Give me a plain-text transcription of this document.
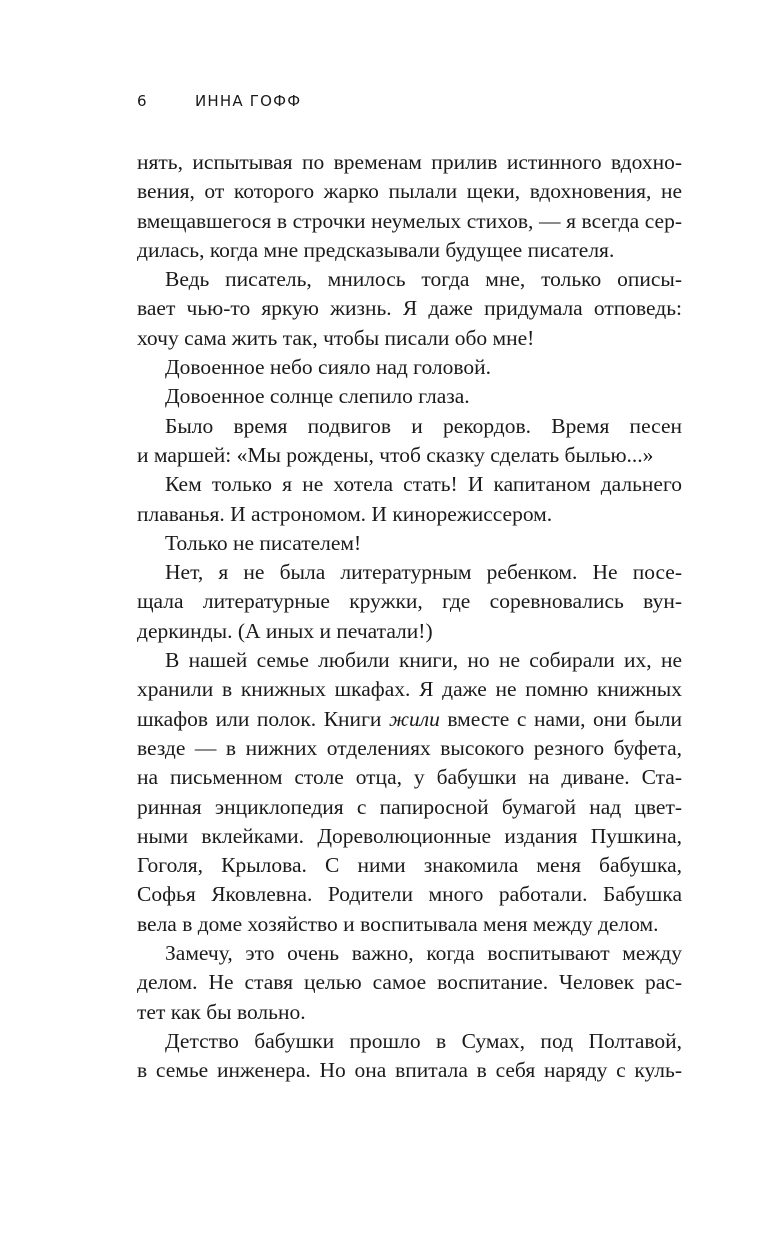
6	ИННА ГОФФ
нять, испытывая по временам прилив истинного вдохно-
вения, от которого жарко пылали щеки, вдохновения, не
вмещавшегося в строчки неумелых стихов, — я всегда сер-
дилась, когда мне предсказывали будущее писателя.
Ведь писатель, мнилось тогда мне, только описы-
вает чью-то яркую жизнь. Я даже придумала отповедь:
хочу сама жить так, чтобы писали обо мне!
Довоенное небо сияло над головой.
Довоенное солнце слепило глаза.
Было время подвигов и рекордов. Время песен
и маршей: «Мы рождены, чтоб сказку сделать былью...»
Кем только я не хотела стать! И капитаном дальнего
плаванья. И астрономом. И кинорежиссером.
Только не писателем!
Нет, я не была литературным ребенком. Не посе-
щала литературные кружки, где соревновались вун-
деркинды. (А иных и печатали!)
В нашей семье любили книги, но не собирали их, не
хранили в книжных шкафах. Я даже не помню книжных
шкафов или полок. Книги жили вместе с нами, они были
везде — в нижних отделениях высокого резного буфета,
на письменном столе отца, у бабушки на диване. Ста-
ринная энциклопедия с папиросной бумагой над цвет-
ными вклейками. Дореволюционные издания Пушкина,
Гоголя, Крылова. С ними знакомила меня бабушка,
Софья Яковлевна. Родители много работали. Бабушка
вела в доме хозяйство и воспитывала меня между делом.
Замечу, это очень важно, когда воспитывают между
делом. Не ставя целью самое воспитание. Человек рас-
тет как бы вольно.
Детство бабушки прошло в Сумах, под Полтавой,
в семье инженера. Но она впитала в себя наряду с куль-
